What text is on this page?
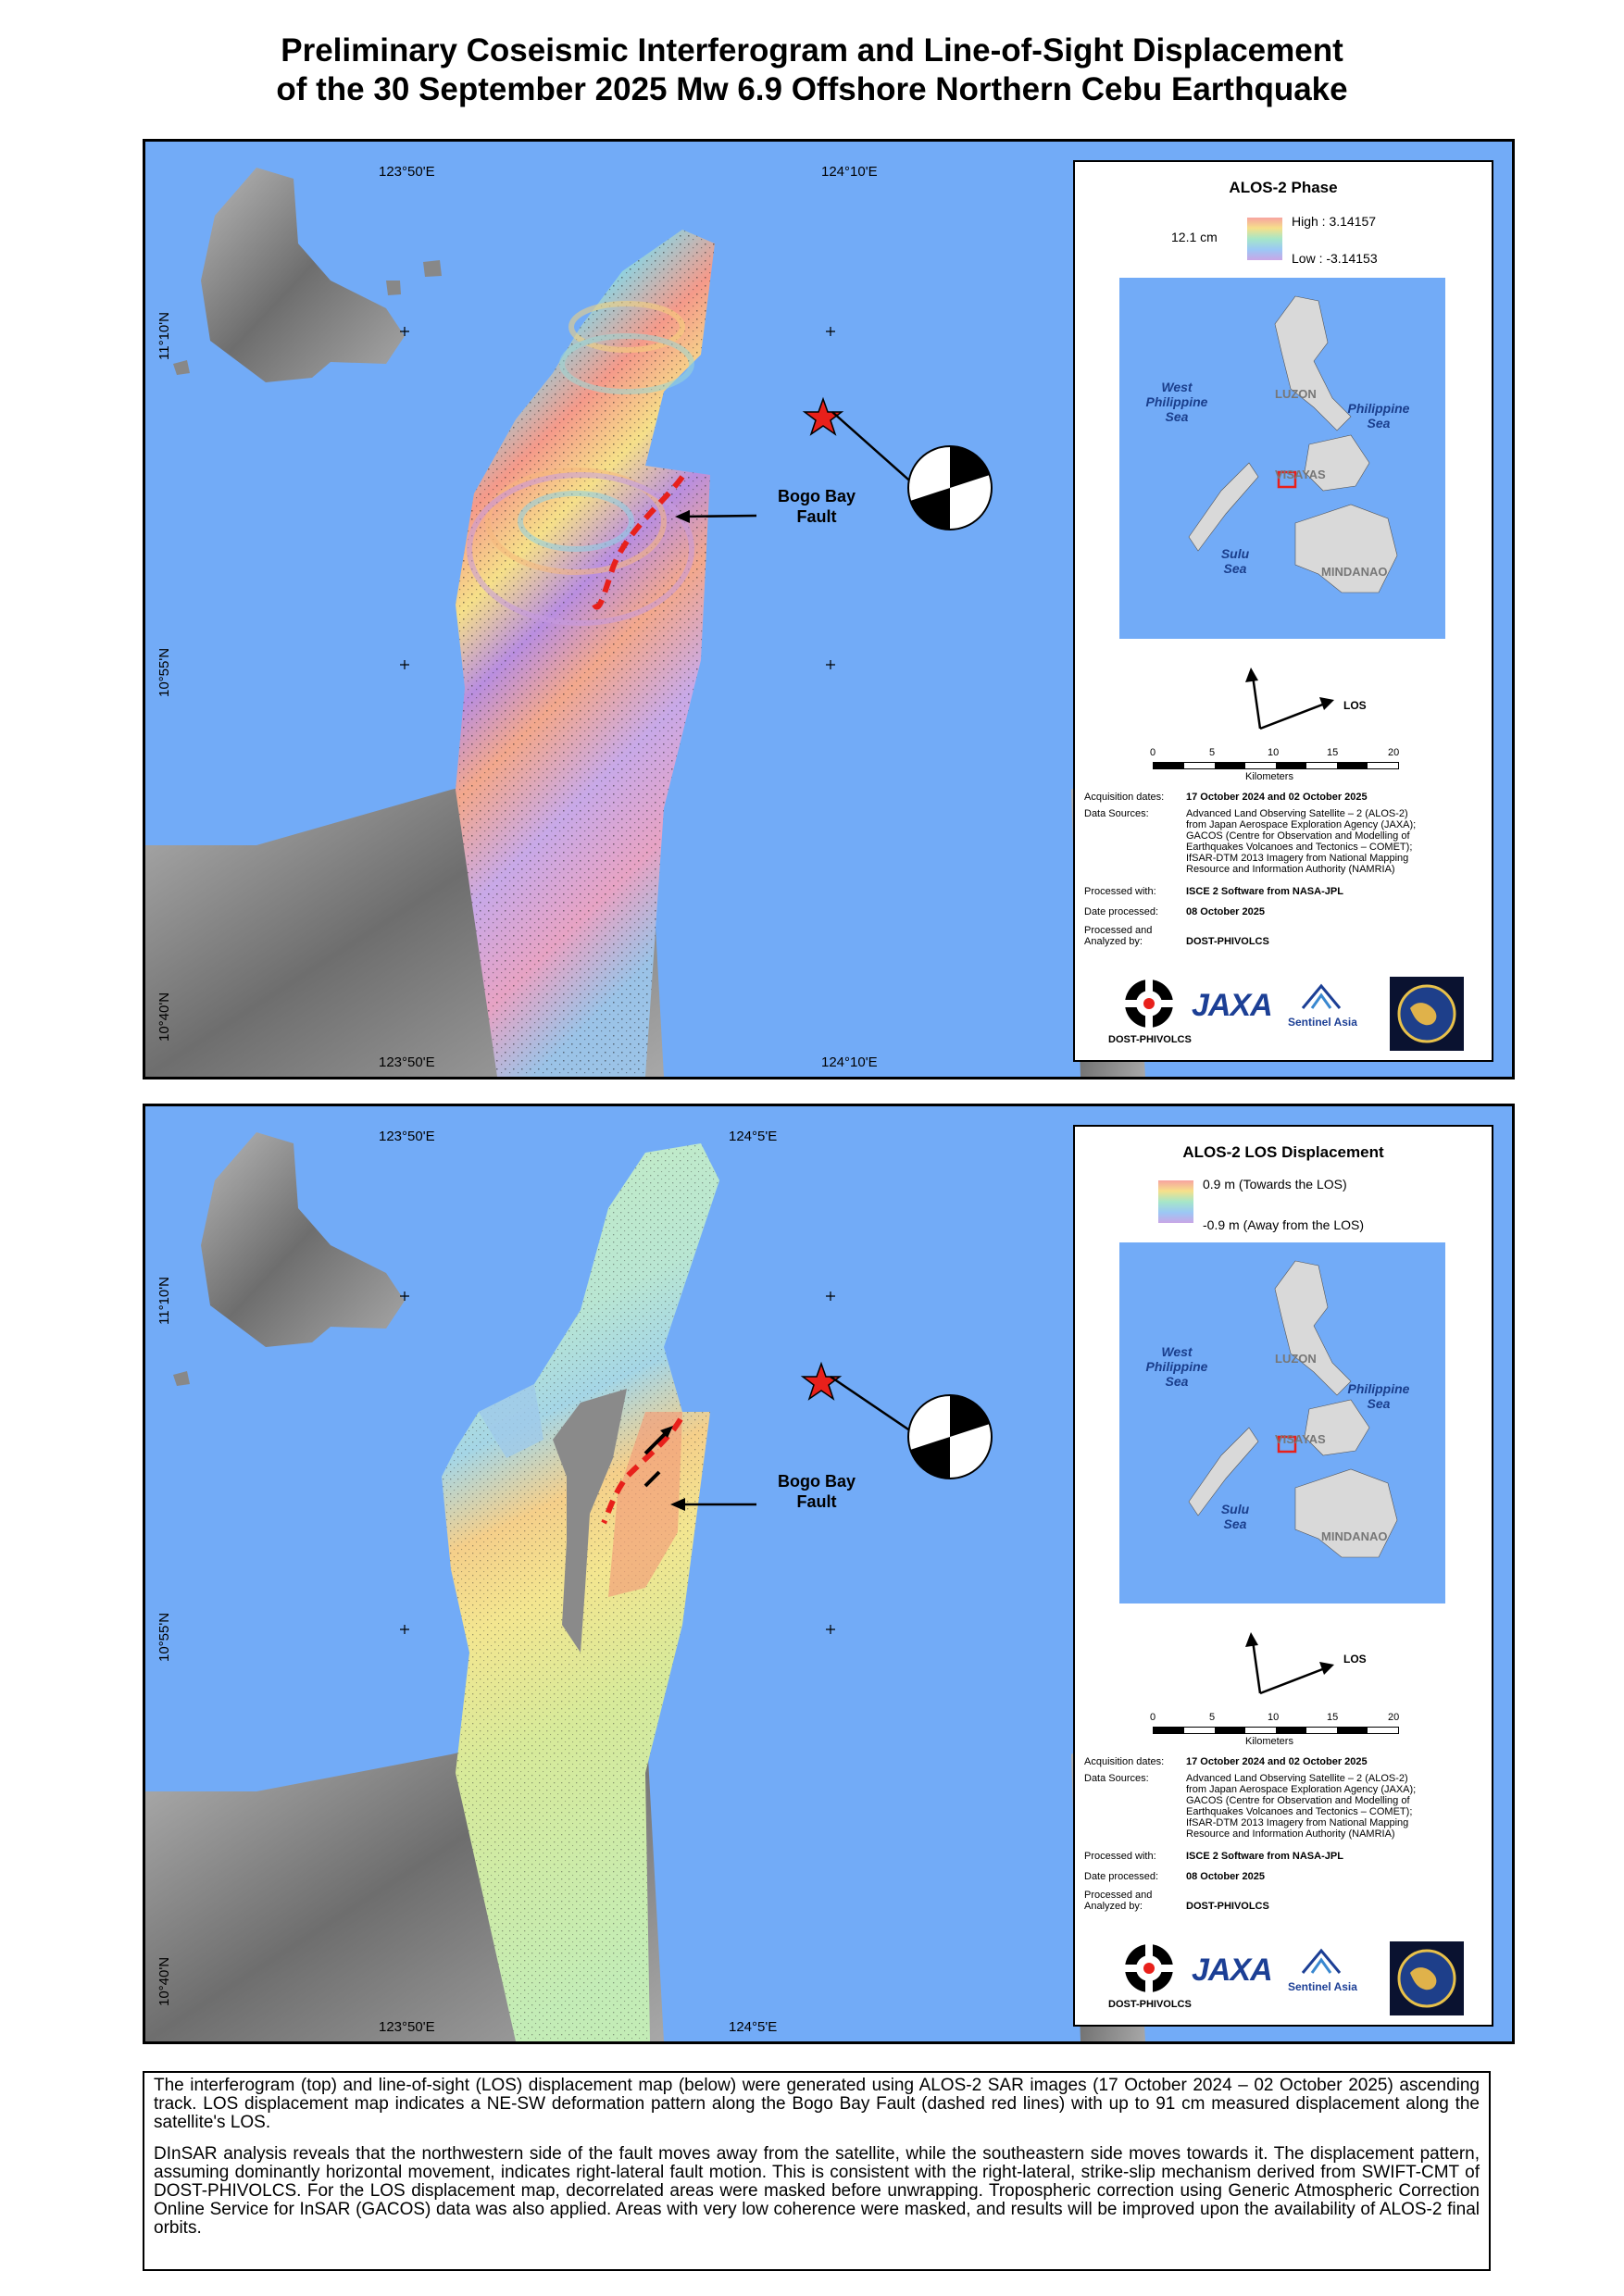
Preliminary Coseismic Interferogram and Line-of-Sight Displacement
of the 30 September 2025 Mw 6.9 Offshore Northern Cebu Earthquake
123°50'E	124°10'E
11°10'N
10°55'N
10°40'N
123°50'E	124°10'E
Bogo Bay
Fault
ALOS-2 Phase
12.1 cm
High : 3.14157
Low : -3.14153
West Philippine Sea
Philippine Sea
Sulu Sea
LUZON
VISAYAS
MINDANAO
LOS
0	5	10	15	20
Kilometers
Acquisition dates: 17 October 2024 and 02 October 2025
Data Sources:	Advanced Land Observing Satellite – 2 (ALOS-2)
from Japan Aerospace Exploration Agency (JAXA);
GACOS (Centre for Observation and Modelling of
Earthquakes Volcanoes and Tectonics – COMET);
IfSAR-DTM 2013 Imagery from National Mapping
Resource and Information Authority (NAMRIA)
Processed with:	ISCE 2 Software from NASA-JPL
Date processed:	08 October 2025
Processed and
Analyzed by:	DOST-PHIVOLCS
DOST-PHIVOLCS
JAXA Sentinel Asia
123°50'E	124°5'E
11°10'N
10°55'N
10°40'N
123°50'E	124°5'E
Bogo Bay
Fault
ALOS-2 LOS Displacement
0.9 m (Towards the LOS)
-0.9 m (Away from the LOS)
West Philippine Sea	Philippine Sea
Sulu Sea
LUZON
VISAYAS
MINDANAO
LOS
0	5	10	15	20
Kilometers
Acquisition dates: 17 October 2024 and 02 October 2025
Data Sources:	Advanced Land Observing Satellite – 2 (ALOS-2)
from Japan Aerospace Exploration Agency (JAXA);
GACOS (Centre for Observation and Modelling of
Earthquakes Volcanoes and Tectonics – COMET);
IfSAR-DTM 2013 Imagery from National Mapping
Resource and Information Authority (NAMRIA)
Processed with:	ISCE 2 Software from NASA-JPL
Date processed:	08 October 2025
Processed and
Analyzed by:	DOST-PHIVOLCS
DOST-PHIVOLCS
JAXA Sentinel Asia

The interferogram (top) and line-of-sight (LOS) displacement map (below) were generated using ALOS-2 SAR images (17 October 2024 – 02 October 2025) ascending track. LOS displacement map indicates a NE-SW deformation pattern along the Bogo Bay Fault (dashed red lines) with up to 91 cm measured displacement along the satellite's LOS.

DInSAR analysis reveals that the northwestern side of the fault moves away from the satellite, while the southeastern side moves towards it. The displacement pattern, assuming dominantly horizontal movement, indicates right-lateral fault motion. This is consistent with the right-lateral, strike-slip mechanism derived from SWIFT-CMT of DOST-PHIVOLCS. For the LOS displacement map, decorrelated areas were masked before unwrapping. Tropospheric correction using Generic Atmospheric Correction Online Service for InSAR (GACOS) data was also applied. Areas with very low coherence were masked, and results will be improved upon the availability of ALOS-2 final orbits.
